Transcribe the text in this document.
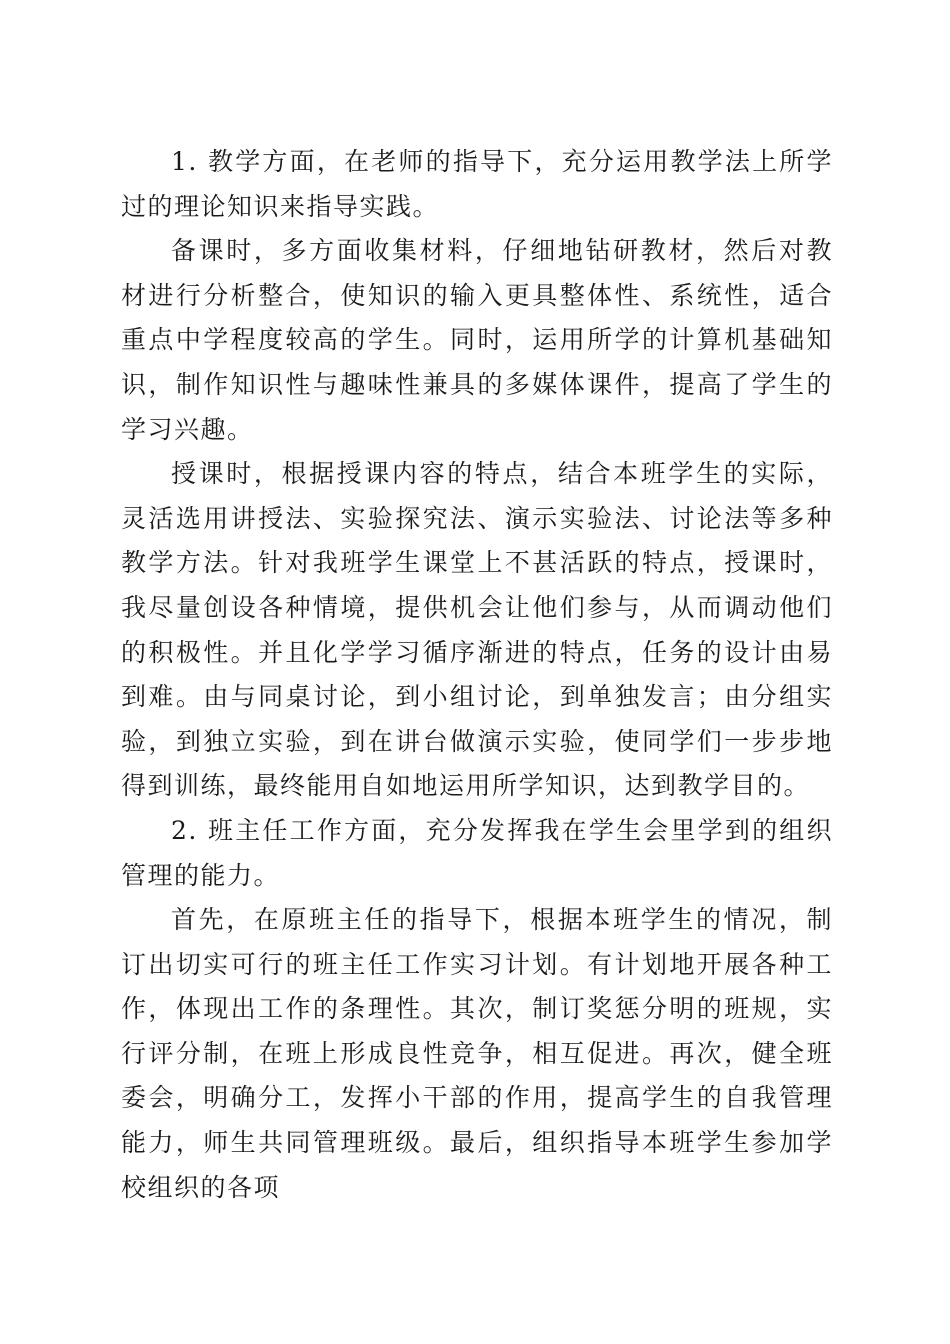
1. 教学方面，在老师的指导下，充分运用教学法上所学过的理论知识来指导实践。

备课时，多方面收集材料，仔细地钻研教材，然后对教材进行分析整合，使知识的输入更具整体性、系统性，适合重点中学程度较高的学生。同时，运用所学的计算机基础知识，制作知识性与趣味性兼具的多媒体课件，提高了学生的学习兴趣。

授课时，根据授课内容的特点，结合本班学生的实际，灵活选用讲授法、实验探究法、演示实验法、讨论法等多种教学方法。针对我班学生课堂上不甚活跃的特点，授课时，我尽量创设各种情境，提供机会让他们参与，从而调动他们的积极性。并且化学学习循序渐进的特点，任务的设计由易到难。由与同桌讨论，到小组讨论，到单独发言；由分组实验，到独立实验，到在讲台做演示实验，使同学们一步步地得到训练，最终能用自如地运用所学知识，达到教学目的。

2. 班主任工作方面，充分发挥我在学生会里学到的组织管理的能力。

首先，在原班主任的指导下，根据本班学生的情况，制订出切实可行的班主任工作实习计划。有计划地开展各种工作，体现出工作的条理性。其次，制订奖惩分明的班规，实行评分制，在班上形成良性竞争，相互促进。再次，健全班委会，明确分工，发挥小干部的作用，提高学生的自我管理能力，师生共同管理班级。最后，组织指导本班学生参加学校组织的各项
